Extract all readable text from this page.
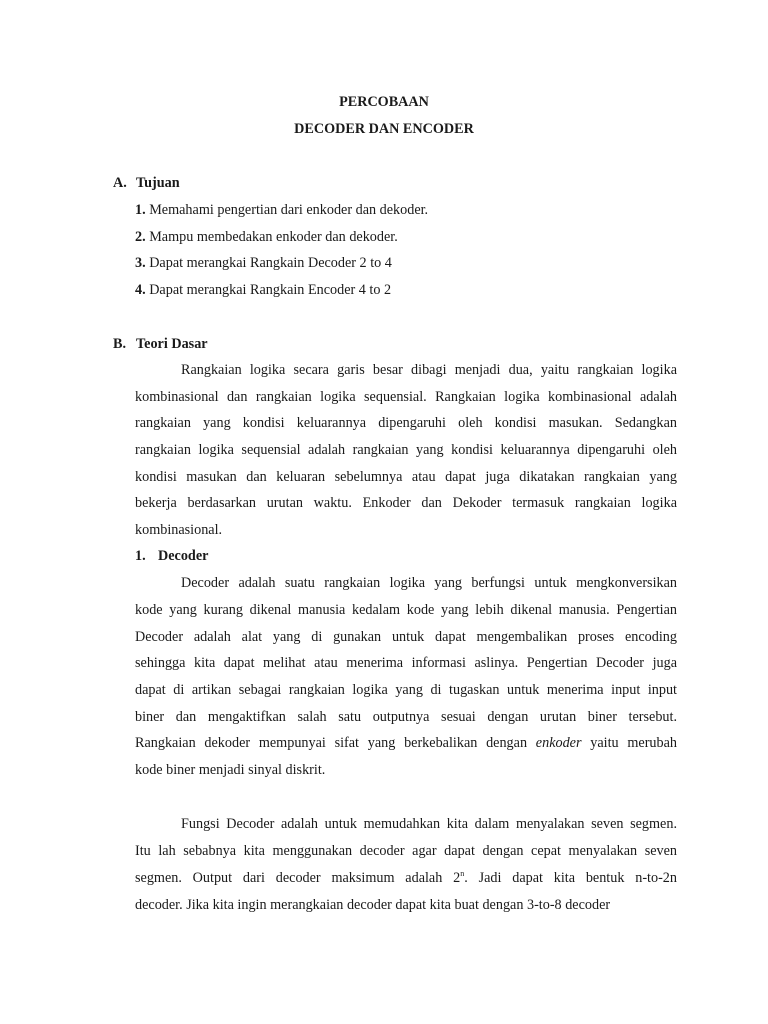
PERCOBAAN
DECODER DAN ENCODER
A. Tujuan
1. Memahami pengertian dari enkoder dan dekoder.
2. Mampu membedakan enkoder dan dekoder.
3. Dapat merangkai Rangkain Decoder 2 to 4
4. Dapat merangkai Rangkain Encoder 4 to 2
B. Teori Dasar
Rangkaian logika secara garis besar dibagi menjadi dua, yaitu rangkaian logika
kombinasional dan rangkaian logika sequensial. Rangkaian logika kombinasional adalah
rangkaian yang kondisi keluarannya dipengaruhi oleh kondisi masukan. Sedangkan
rangkaian logika sequensial adalah rangkaian yang kondisi keluarannya dipengaruhi oleh
kondisi masukan dan keluaran sebelumnya atau dapat juga dikatakan rangkaian yang
bekerja berdasarkan urutan waktu. Enkoder dan Dekoder termasuk rangkaian logika
kombinasional.
1. Decoder
Decoder adalah suatu rangkaian logika yang berfungsi untuk mengkonversikan
kode yang kurang dikenal manusia kedalam kode yang lebih dikenal manusia. Pengertian
Decoder adalah alat yang di gunakan untuk dapat mengembalikan proses encoding
sehingga kita dapat melihat atau menerima informasi aslinya. Pengertian Decoder juga
dapat di artikan sebagai rangkaian logika yang di tugaskan untuk menerima input input
biner dan mengaktifkan salah satu outputnya sesuai dengan urutan biner tersebut.
Rangkaian dekoder mempunyai sifat yang berkebalikan dengan enkoder yaitu merubah
kode biner menjadi sinyal diskrit.
Fungsi Decoder adalah untuk memudahkan kita dalam menyalakan seven segmen.
Itu lah sebabnya kita menggunakan decoder agar dapat dengan cepat menyalakan seven
segmen. Output dari decoder maksimum adalah 2$^n$. Jadi dapat kita bentuk n-to-2n
decoder. Jika kita ingin merangkaian decoder dapat kita buat dengan 3-to-8 decoder
